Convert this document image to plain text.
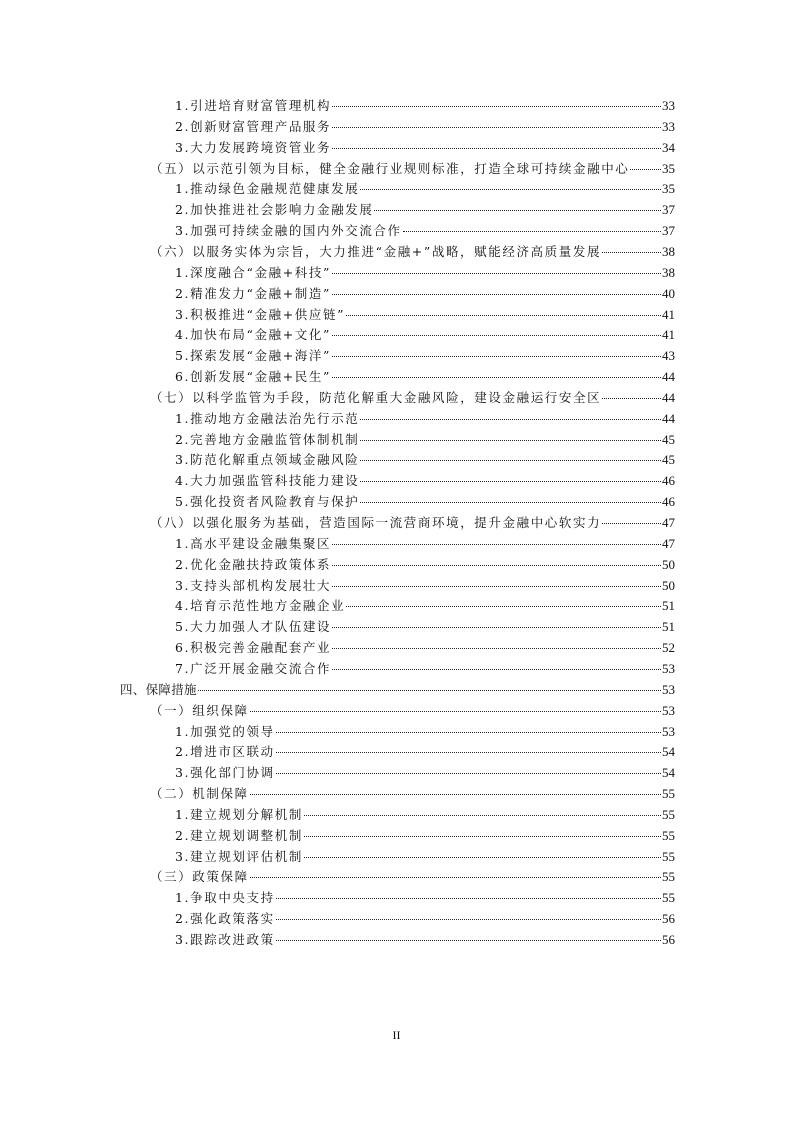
1.引进培育财富管理机构	33
2.创新财富管理产品服务	33
3.大力发展跨境资管业务	34
（五）以示范引领为目标，健全金融行业规则标准，打造全球可持续金融中心	35
1.推动绿色金融规范健康发展	35
2.加快推进社会影响力金融发展	37
3.加强可持续金融的国内外交流合作	37
（六）以服务实体为宗旨，大力推进“金融+”战略，赋能经济高质量发展	38
1.深度融合“金融+科技”	38
2.精准发力“金融+制造”	40
3.积极推进“金融+供应链”	41
4.加快布局“金融+文化”	41
5.探索发展“金融+海洋”	43
6.创新发展“金融+民生”	44
（七）以科学监管为手段，防范化解重大金融风险，建设金融运行安全区	44
1.推动地方金融法治先行示范	44
2.完善地方金融监管体制机制	45
3.防范化解重点领域金融风险	45
4.大力加强监管科技能力建设	46
5.强化投资者风险教育与保护	46
（八）以强化服务为基础，营造国际一流营商环境，提升金融中心软实力	47
1.高水平建设金融集聚区	47
2.优化金融扶持政策体系	50
3.支持头部机构发展壮大	50
4.培育示范性地方金融企业	51
5.大力加强人才队伍建设	51
6.积极完善金融配套产业	52
7.广泛开展金融交流合作	53
四、保障措施	53
（一）组织保障	53
1.加强党的领导	53
2.增进市区联动	54
3.强化部门协调	54
（二）机制保障	55
1.建立规划分解机制	55
2.建立规划调整机制	55
3.建立规划评估机制	55
（三）政策保障	55
1.争取中央支持	55
2.强化政策落实	56
3.跟踪改进政策	56
II
